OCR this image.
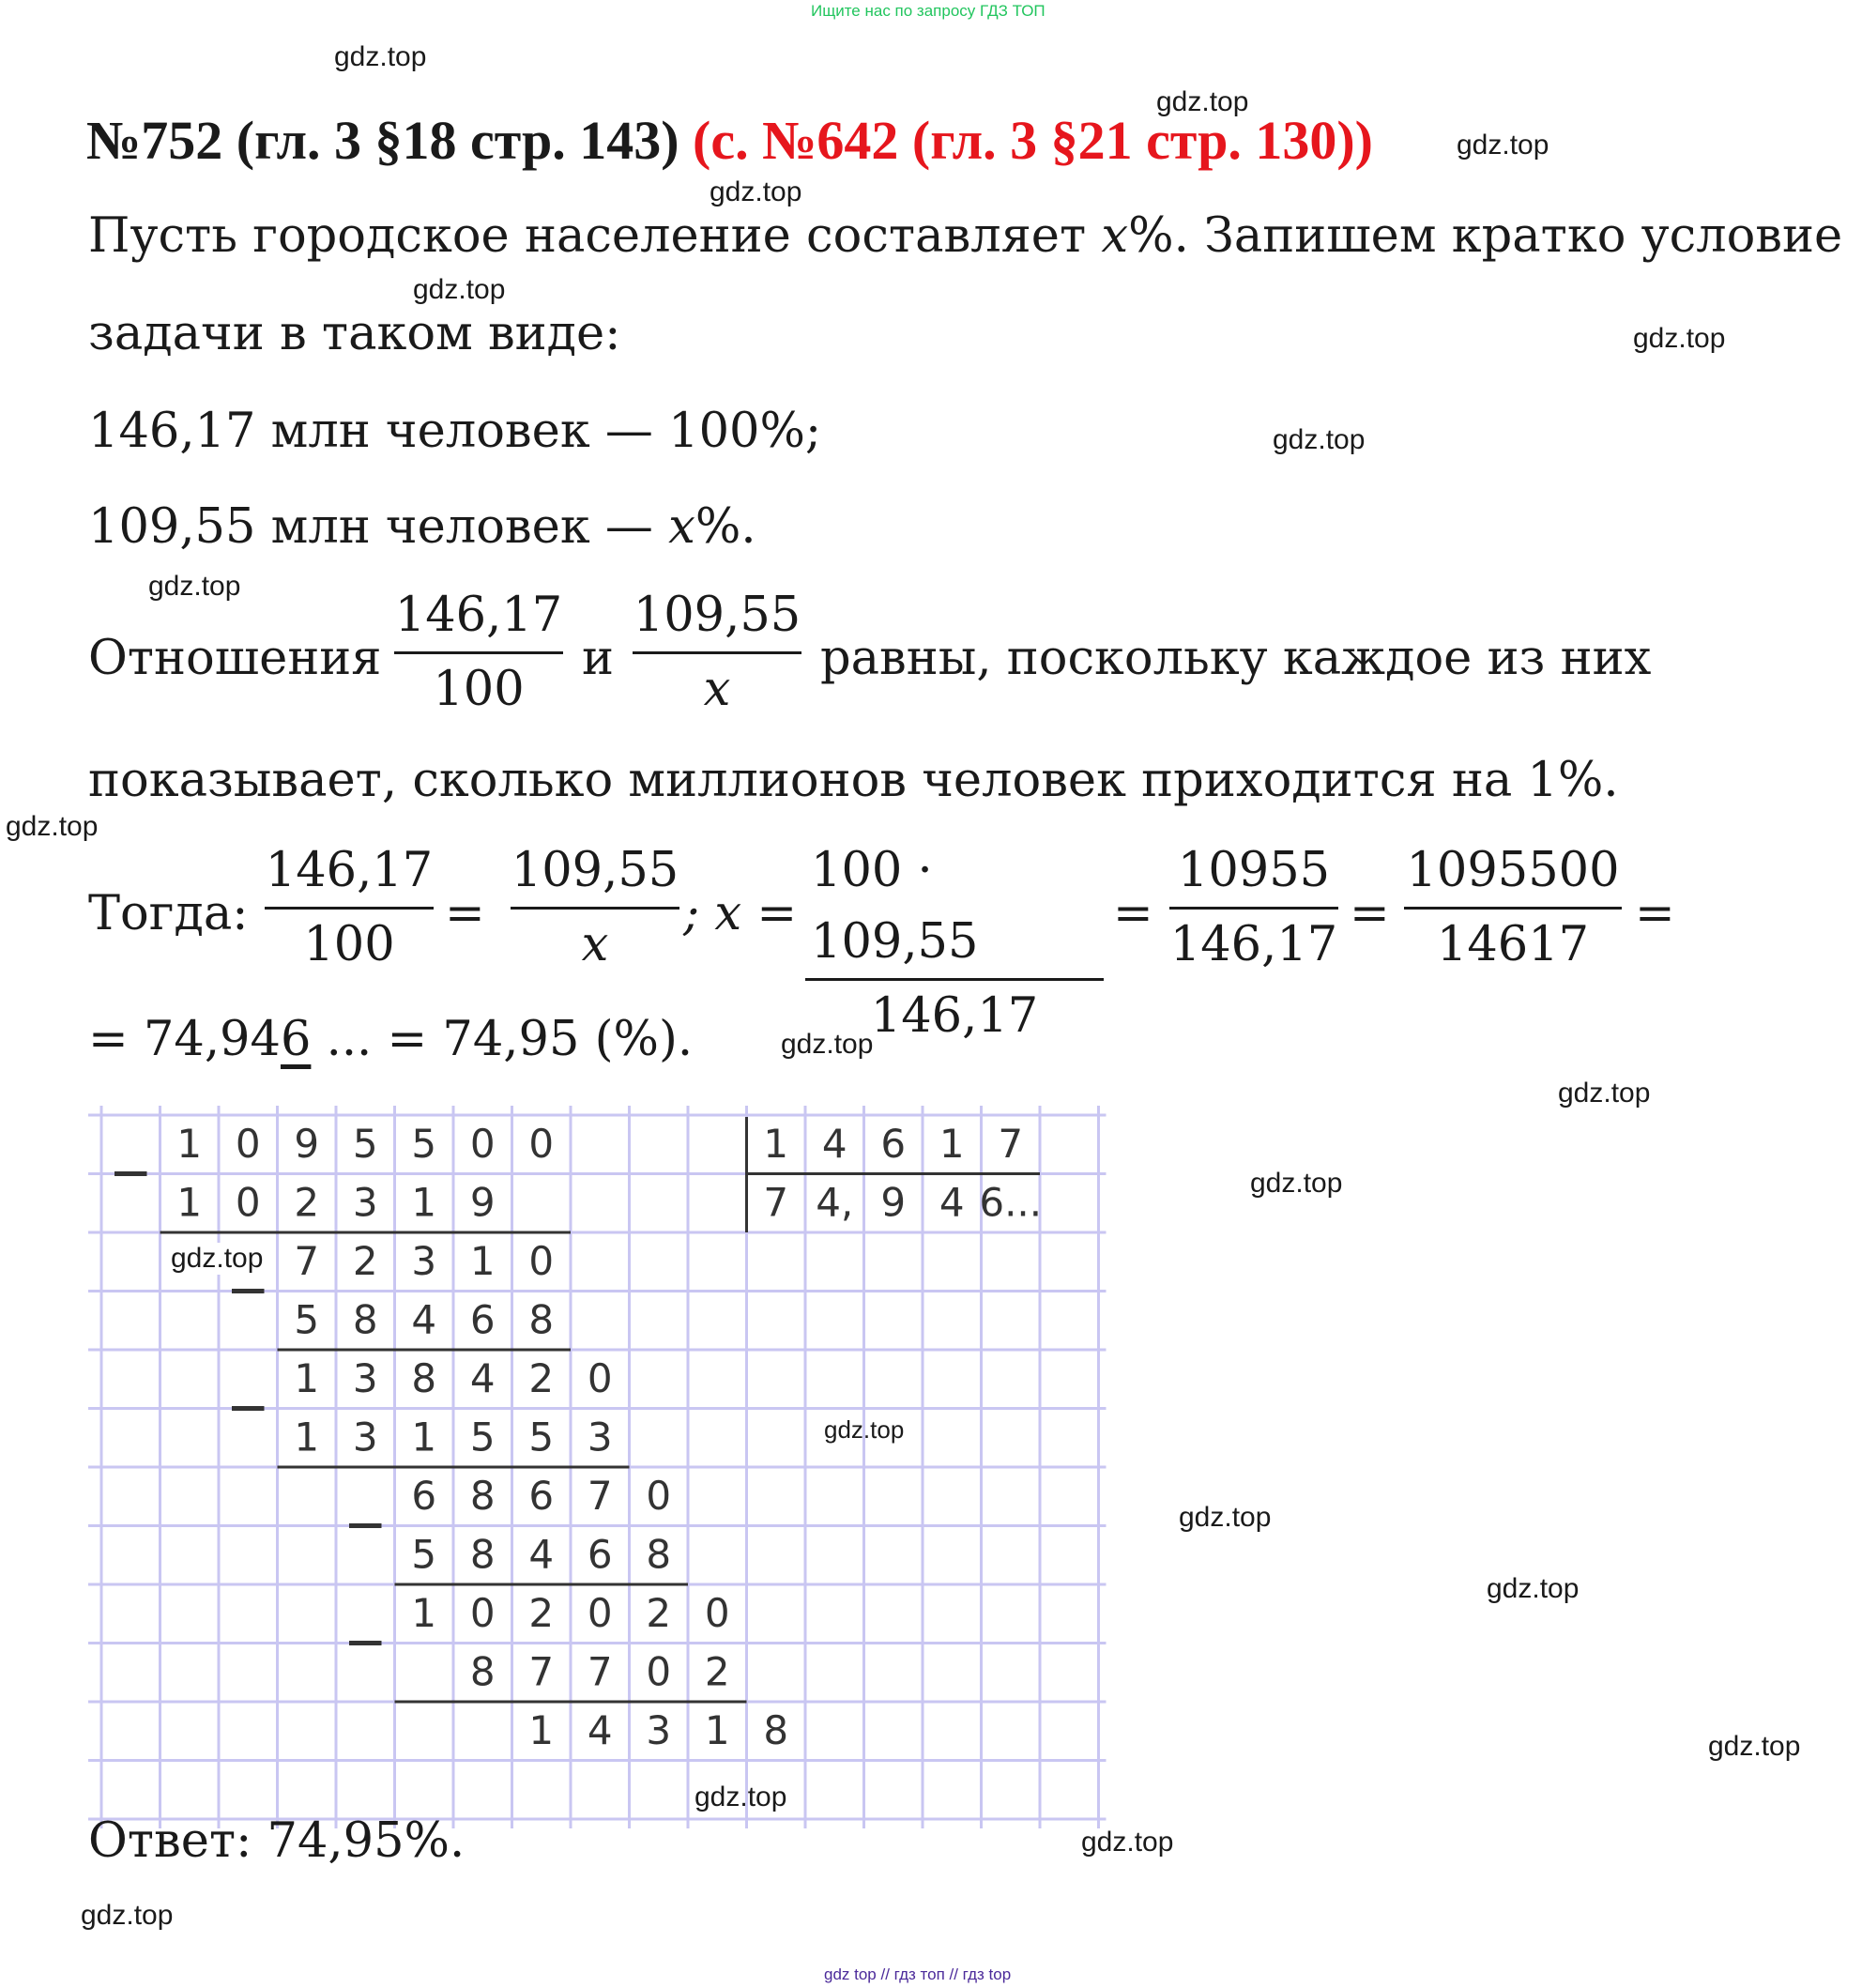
Ищите нас по запросу ГДЗ ТОП
gdz top // гдз топ // гдз top
№752 (гл. 3 §18 стр. 143) (с. №642 (гл. 3 §21 стр. 130))
Пусть городское население составляет x%. Запишем кратко условие
задачи в таком виде:
146,17 млн человек — 100%;
109,55 млн человек — x%.
Отношения
146,17
100
и
109,55
x
равны, поскольку каждое из них
показывает, сколько миллионов человек приходится на 1%.
Тогда:
146,17
100
=
109,55
x
; x =
100 · 109,55
146,17
=
10955
146,17
=
1095500
14617
=
= 74,946 ... = 74,95 (%).
1 0 9 5 5 0 0
1 0 2 3 1 9
7 2 3 1 0
5 8 4 6 8
1 3 8 4 2 0
1 3 1 5 5 3
6 8 6 7 0
5 8 4 6 8
1 0 2 0 2 0
8 7 7 0 2
1 4 3 1 8
1 4 6 1 7
7 4, 9 4 6...
Ответ: 74,95%.
gdz.top
gdz.top
gdz.top
gdz.top
gdz.top
gdz.top
gdz.top
gdz.top
gdz.top
gdz.top
gdz.top
gdz.top
gdz.top
gdz.top
gdz.top
gdz.top
gdz.top
gdz.top
gdz.top
gdz.top
